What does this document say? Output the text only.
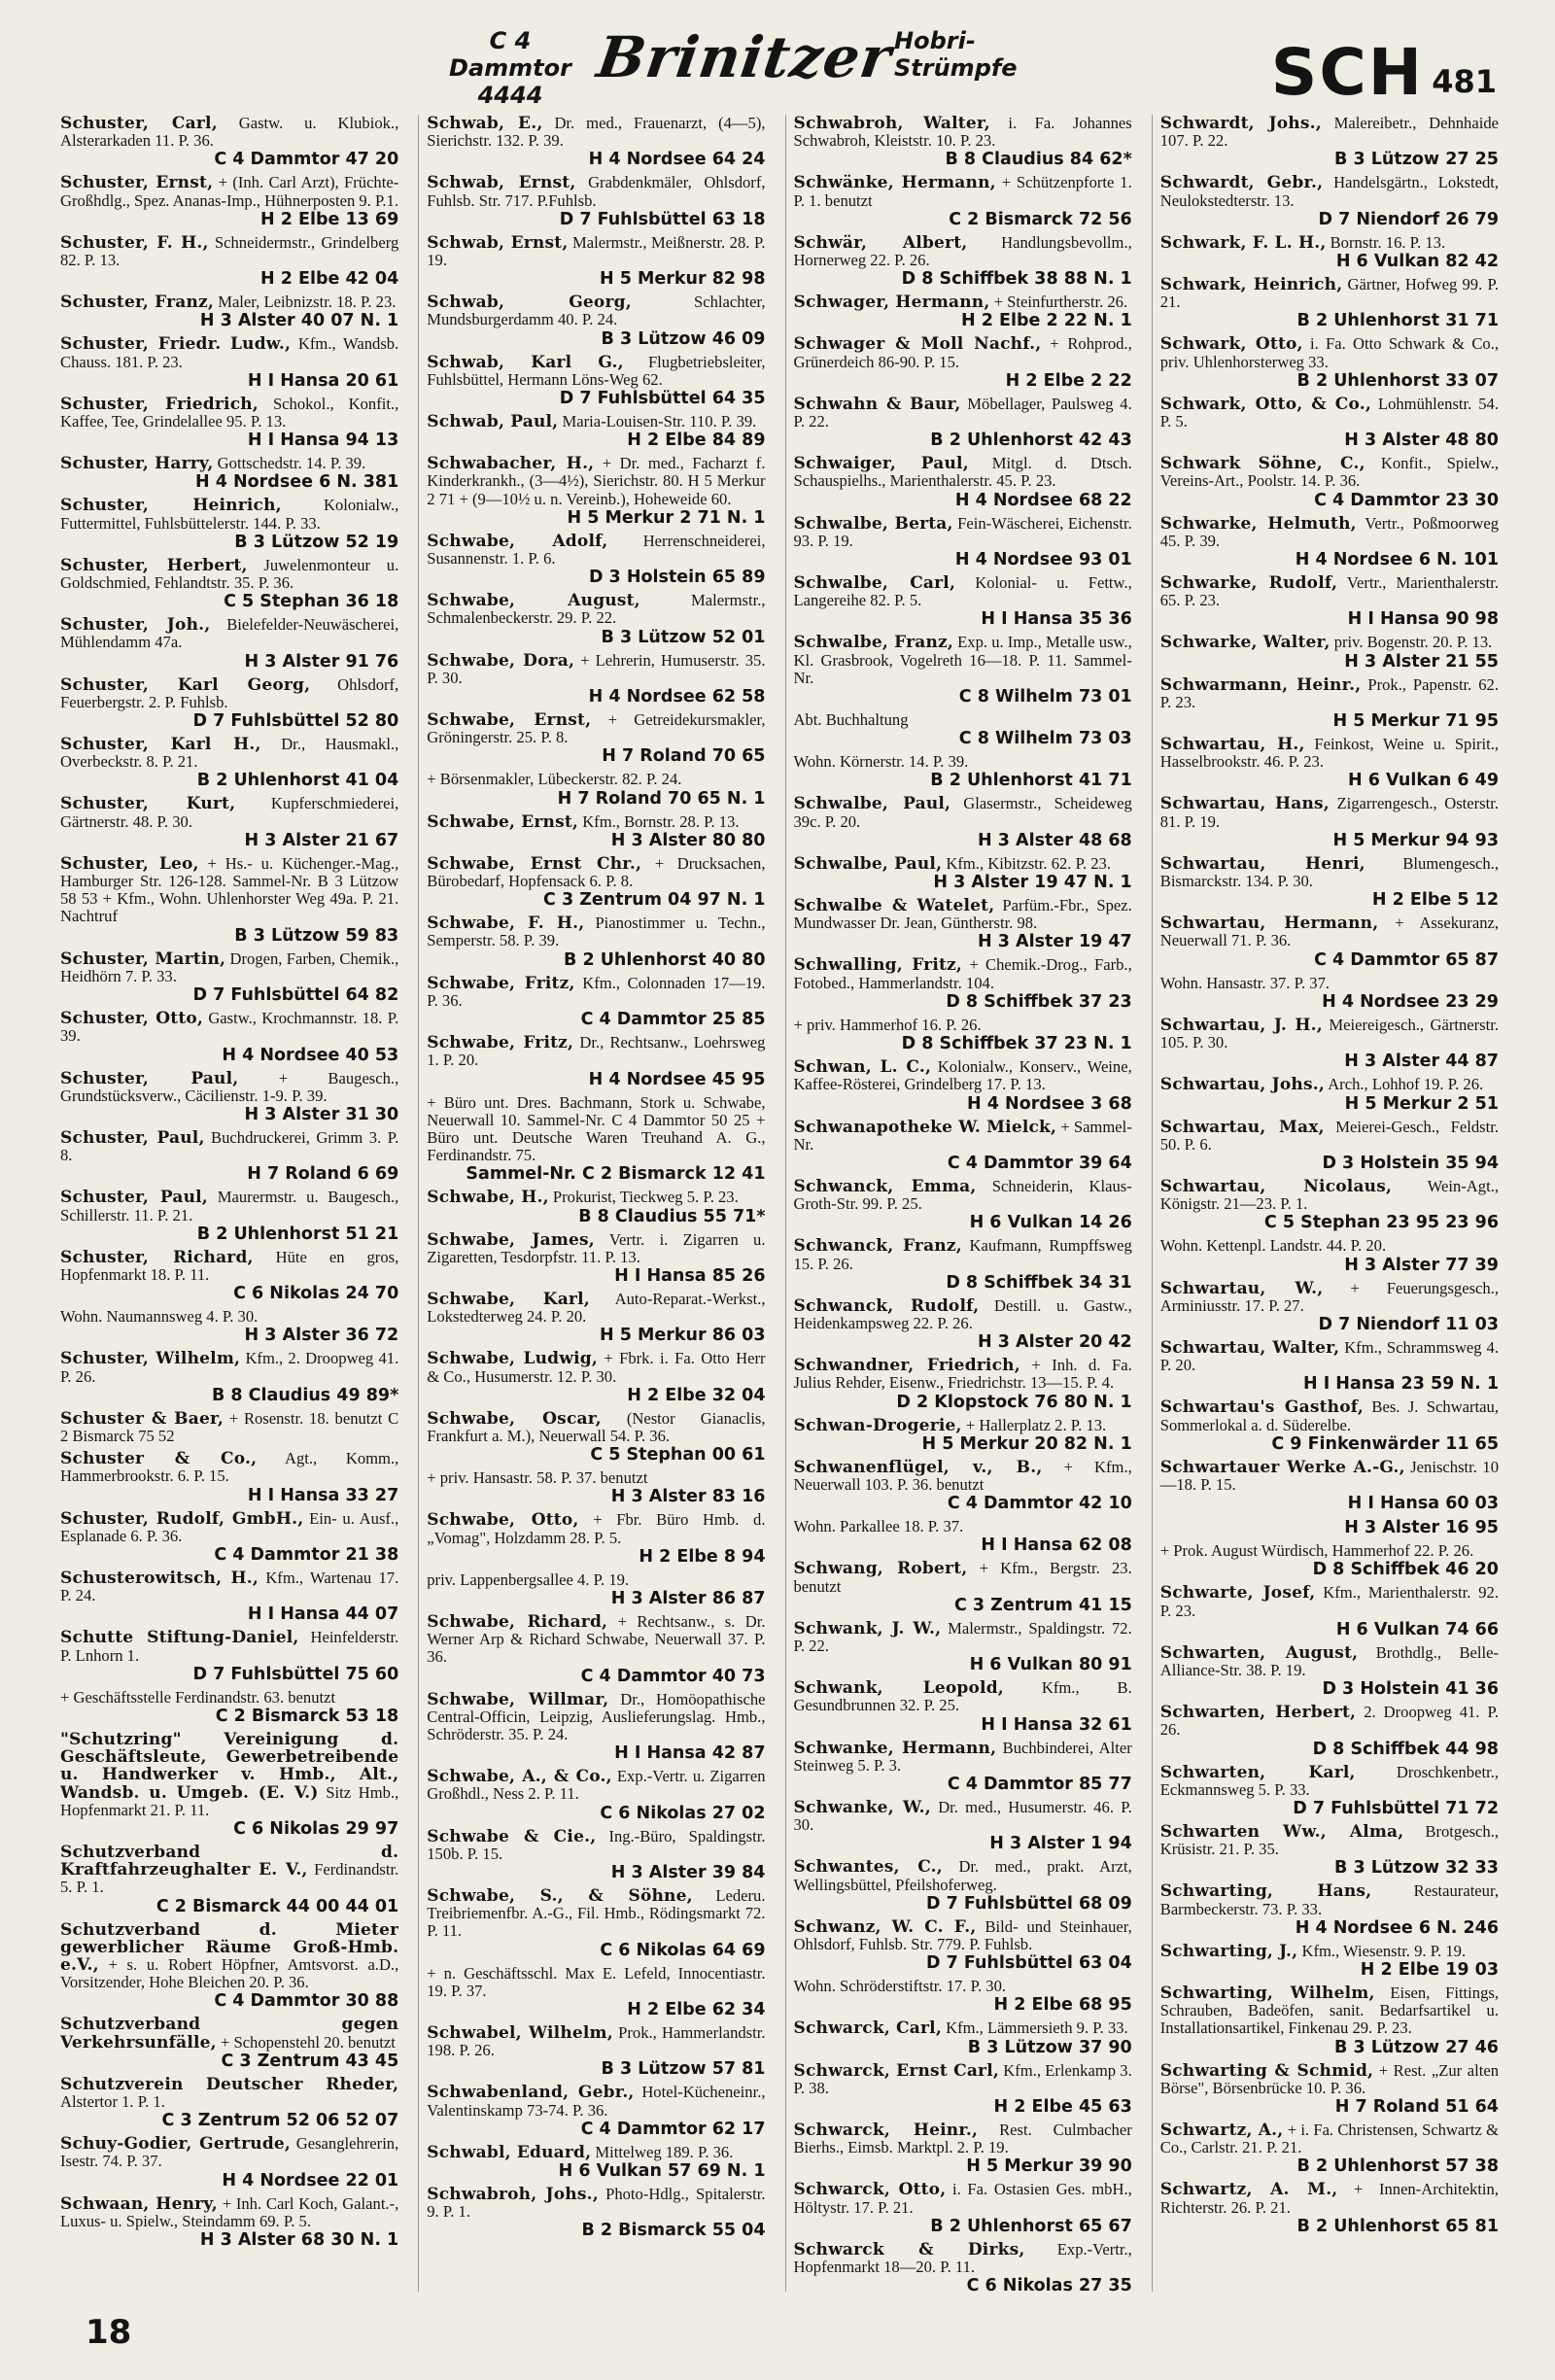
C 4 Dammtor 4444
Brinitzer
Hobri-Strümpfe	SCH 481
Schuster, Carl, Gastw. u. Klubiok., Alsterarkaden 11. P. 36.
C 4 Dammtor 47 20
Schuster, Ernst, + (Inh. Carl Arzt), Früchte-Großhdlg., Spez. Ananas-Imp., Hühnerposten 9. P.1.
H 2 Elbe 13 69
Schuster, F. H., Schneidermstr., Grindelberg 82. P. 13.
H 2 Elbe 42 04
Schuster, Franz, Maler, Leibnizstr. 18. P. 23.
H 3 Alster 40 07 N. 1
Schuster, Friedr. Ludw., Kfm., Wandsb. Chauss. 181. P. 23.
H I Hansa 20 61
Schuster, Friedrich, Schokol., Konfit., Kaffee, Tee, Grindelallee 95. P. 13.
H I Hansa 94 13
Schuster, Harry, Gottschedstr. 14. P. 39.
H 4 Nordsee 6 N. 381
Schuster, Heinrich,	Kolonialw., Futtermittel, Fuhlsbüttelerstr. 144. P. 33.
B 3 Lützow 52 19
Schuster, Herbert, Juwelenmonteur u. Goldschmied, Fehlandtstr. 35. P. 36.
C 5 Stephan 36 18
Schuster, Joh., Bielefelder-Neuwäscherei, Mühlendamm 47a.
H 3 Alster 91 76
Schuster, Karl Georg, Ohlsdorf, Feuerbergstr. 2. P. Fuhlsb.
D 7 Fuhlsbüttel 52 80
Schuster, Karl H., Dr., Hausmakl., Overbeckstr. 8. P. 21.
B 2 Uhlenhorst 41 04
Schuster, Kurt, Kupferschmiederei, Gärtnerstr. 48. P. 30.
H 3 Alster 21 67
Schuster, Leo, + Hs.- u. Küchenger.-Mag., Hamburger Str. 126-128. Sammel-Nr. B 3 Lützow 58 53 + Kfm., Wohn. Uhlenhorster Weg 49a. P. 21. Nachtruf
B 3 Lützow 59 83
Schuster, Martin, Drogen, Farben, Chemik., Heidhörn 7. P. 33.
D 7 Fuhlsbüttel 64 82
Schuster, Otto, Gastw., Krochmannstr. 18. P. 39.
H 4 Nordsee 40 53
Schuster, Paul, + Baugesch., Grundstücksverw., Cäcilienstr. 1-9. P. 39.
H 3 Alster 31 30
Schuster, Paul, Buchdruckerei, Grimm 3. P. 8.
H 7 Roland 6 69
Schuster, Paul, Maurermstr. u. Baugesch., Schillerstr. 11. P. 21.
B 2 Uhlenhorst 51 21
Schuster, Richard, Hüte en gros, Hopfenmarkt 18. P. 11.
C 6 Nikolas 24 70
Wohn. Naumannsweg 4. P. 30.
H 3 Alster 36 72
Schuster, Wilhelm, Kfm., 2. Droopweg 41. P. 26.
B 8 Claudius 49 89*
Schuster & Baer, + Rosenstr. 18. benutzt C 2 Bismarck 75 52
Schuster & Co., Agt., Komm., Hammerbrookstr. 6. P. 15.
H I Hansa 33 27
Schuster, Rudolf, GmbH., Ein- u. Ausf., Esplanade 6. P. 36.
C 4 Dammtor 21 38
Schusterowitsch, H., Kfm., Wartenau 17. P. 24.
H I Hansa 44 07
Schutte Stiftung-Daniel, Heinfelderstr. P. Lnhorn 1.
D 7 Fuhlsbüttel 75 60
+ Geschäftsstelle Ferdinandstr. 63. benutzt
C 2 Bismarck 53 18
"Schutzring" Vereinigung d. Geschäftsleute, Gewerbetreibende u. Handwerker v. Hmb., Alt., Wandsb. u. Umgeb. (E. V.) Sitz Hmb., Hopfenmarkt 21. P. 11.
C 6 Nikolas 29 97
Schutzverband d. Kraftfahrzeughalter E. V., Ferdinandstr. 5. P. 1.
C 2 Bismarck 44 00 44 01
Schutzverband d. Mieter gewerblicher Räume Groß-Hmb. e.V., + s. u. Robert Höpfner, Amtsvorst. a.D., Vorsitzender, Hohe Bleichen 20. P. 36.
C 4 Dammtor 30 88
Schutzverband gegen Verkehrsunfälle, + Schopenstehl 20. benutzt
C 3 Zentrum 43 45
Schutzverein Deutscher Rheder, Alstertor 1. P. 1.
C 3 Zentrum 52 06 52 07
Schuy-Godier, Gertrude, Gesanglehrerin, Isestr. 74. P. 37.
H 4 Nordsee 22 01
Schwaan, Henry, + Inh. Carl Koch, Galant.-, Luxus- u. Spielw., Steindamm 69. P. 5.
H 3 Alster 68 30 N. 1
Schwab, E., Dr. med., Frauenarzt, (4—5), Sierichstr. 132. P. 39.
H 4 Nordsee 64 24
Schwab, Ernst, Grabdenkmäler, Ohlsdorf, Fuhlsb. Str. 717. P.Fuhlsb.
D 7 Fuhlsbüttel 63 18
Schwab, Ernst, Malermstr., Meißnerstr. 28. P. 19.
H 5 Merkur 82 98
Schwab, Georg,	Schlachter, Mundsburgerdamm 40. P. 24.
B 3 Lützow 46 09
Schwab, Karl G., Flugbetriebsleiter, Fuhlsbüttel, Hermann Löns-Weg 62.
D 7 Fuhlsbüttel 64 35
Schwab, Paul, Maria-Louisen-Str. 110. P. 39.
H 2 Elbe 84 89
Schwabacher, H., + Dr. med., Facharzt f. Kinderkrankh., (3—4½), Sierichstr. 80. H 5 Merkur 2 71 + (9—10½ u. n. Vereinb.), Hoheweide 60.
H 5 Merkur 2 71 N. 1
Schwabe, Adolf, Herrenschneiderei, Susannenstr. 1. P. 6.
D 3 Holstein 65 89
Schwabe, August,	Malermstr., Schmalenbeckerstr. 29. P. 22.
B 3 Lützow 52 01
Schwabe, Dora, + Lehrerin, Humuserstr. 35. P. 30.
H 4 Nordsee 62 58
Schwabe, Ernst, + Getreidekursmakler, Gröningerstr. 25. P. 8.
H 7 Roland 70 65
+ Börsenmakler, Lübeckerstr. 82. P. 24.
H 7 Roland 70 65 N. 1
Schwabe, Ernst, Kfm., Bornstr. 28. P. 13.
H 3 Alster 80 80
Schwabe, Ernst Chr., + Drucksachen, Bürobedarf, Hopfensack 6. P. 8.
C 3 Zentrum 04 97 N. 1
Schwabe, F. H., Pianostimmer u. Techn., Semperstr. 58. P. 39.
B 2 Uhlenhorst 40 80
Schwabe, Fritz, Kfm., Colonnaden 17—19. P. 36.
C 4 Dammtor 25 85
Schwabe, Fritz, Dr., Rechtsanw., Loehrsweg 1. P. 20.
H 4 Nordsee 45 95
+ Büro unt. Dres. Bachmann, Stork u. Schwabe, Neuerwall 10. Sammel-Nr. C 4 Dammtor 50 25 + Büro unt. Deutsche Waren Treuhand A. G., Ferdinandstr. 75.
Sammel-Nr. C 2 Bismarck 12 41
Schwabe, H., Prokurist, Tieckweg 5. P. 23.
B 8 Claudius 55 71*
Schwabe, James, Vertr. i. Zigarren u. Zigaretten, Tesdorpfstr. 11. P. 13.
H I Hansa 85 26
Schwabe, Karl, Auto-Reparat.-Werkst., Lokstedterweg 24. P. 20.
H 5 Merkur 86 03
Schwabe, Ludwig, + Fbrk. i. Fa. Otto Herr & Co., Husumerstr. 12. P. 30.
H 2 Elbe 32 04
Schwabe, Oscar, (Nestor Gianaclis, Frankfurt a. M.), Neuerwall 54. P. 36.
C 5 Stephan 00 61
+ priv. Hansastr. 58. P. 37. benutzt
H 3 Alster 83 16
Schwabe, Otto, + Fbr. Büro Hmb. d. „Vomag", Holzdamm 28. P. 5.
H 2 Elbe 8 94
priv. Lappenbergsallee 4. P. 19.
H 3 Alster 86 87
Schwabe, Richard, + Rechtsanw., s. Dr. Werner Arp & Richard Schwabe, Neuerwall 37. P. 36.
C 4 Dammtor 40 73
Schwabe, Willmar, Dr., Homöopathische Central-Officin, Leipzig, Auslieferungslag. Hmb., Schröderstr. 35. P. 24.
H I Hansa 42 87
Schwabe, A., & Co., Exp.-Vertr. u. Zigarren Großhdl., Ness 2. P. 11.
C 6 Nikolas 27 02
Schwabe & Cie., Ing.-Büro, Spaldingstr. 150b. P. 15.
H 3 Alster 39 84
Schwabe, S., & Söhne, Lederu. Treibriemenfbr. A.-G., Fil. Hmb., Rödingsmarkt 72. P. 11.
C 6 Nikolas 64 69
+ n. Geschäftsschl. Max E. Lefeld, Innocentiastr. 19. P. 37.
H 2 Elbe 62 34
Schwabel, Wilhelm, Prok., Hammerlandstr. 198. P. 26.
B 3 Lützow 57 81
Schwabenland, Gebr., Hotel-Kücheneinr., Valentinskamp 73-74. P. 36.
C 4 Dammtor 62 17
Schwabl, Eduard, Mittelweg 189. P. 36.
H 6 Vulkan 57 69 N. 1
Schwabroh, Johs., Photo-Hdlg., Spitalerstr. 9. P. 1.
B 2 Bismarck 55 04
Schwabroh, Walter, i. Fa. Johannes Schwabroh, Kleiststr. 10. P. 23.
B 8 Claudius 84 62*
Schwänke, Hermann, + Schützenpforte 1. P. 1. benutzt
C 2 Bismarck 72 56
Schwär, Albert, Handlungsbevollm., Hornerweg 22. P. 26.
D 8 Schiffbek 38 88 N. 1
Schwager, Hermann, + Steinfurtherstr. 26.
H 2 Elbe 2 22 N. 1
Schwager & Moll Nachf., + Rohprod., Grünerdeich 86-90. P. 15.
H 2 Elbe 2 22
Schwahn & Baur, Möbellager, Paulsweg 4. P. 22.
B 2 Uhlenhorst 42 43
Schwaiger, Paul, Mitgl. d. Dtsch. Schauspielhs., Marienthalerstr. 45. P. 23.
H 4 Nordsee 68 22
Schwalbe, Berta, Fein-Wäscherei, Eichenstr. 93. P. 19.
H 4 Nordsee 93 01
Schwalbe, Carl, Kolonial- u. Fettw., Langereihe 82. P. 5.
H I Hansa 35 36
Schwalbe, Franz, Exp. u. Imp., Metalle usw., Kl. Grasbrook, Vogelreth 16—18. P. 11. Sammel-Nr.
C 8 Wilhelm 73 01
Abt. Buchhaltung
C 8 Wilhelm 73 03
Wohn. Körnerstr. 14. P. 39.
B 2 Uhlenhorst 41 71
Schwalbe, Paul, Glasermstr., Scheideweg 39c. P. 20.
H 3 Alster 48 68
Schwalbe, Paul, Kfm., Kibitzstr. 62. P. 23.
H 3 Alster 19 47 N. 1
Schwalbe & Watelet, Parfüm.-Fbr., Spez. Mundwasser Dr. Jean, Güntherstr. 98.
H 3 Alster 19 47
Schwalling, Fritz, + Chemik.-Drog., Farb., Fotobed., Hammerlandstr. 104.
D 8 Schiffbek 37 23
+ priv. Hammerhof 16. P. 26.
D 8 Schiffbek 37 23 N. 1
Schwan, L. C., Kolonialw., Konserv., Weine, Kaffee-Rösterei, Grindelberg 17. P. 13.
H 4 Nordsee 3 68
Schwanapotheke W. Mielck, + Sammel-Nr.
C 4 Dammtor 39 64
Schwanck, Emma, Schneiderin, Klaus-Groth-Str. 99. P. 25.
H 6 Vulkan 14 26
Schwanck, Franz, Kaufmann, Rumpffsweg 15. P. 26.
D 8 Schiffbek 34 31
Schwanck, Rudolf, Destill. u. Gastw., Heidenkampsweg 22. P. 26.
H 3 Alster 20 42
Schwandner, Friedrich, + Inh. d. Fa. Julius Rehder, Eisenw., Friedrichstr. 13—15. P. 4.
D 2 Klopstock 76 80 N. 1
Schwan-Drogerie, + Hallerplatz 2. P. 13.
H 5 Merkur 20 82 N. 1
Schwanenflügel, v., B., + Kfm., Neuerwall 103. P. 36. benutzt
C 4 Dammtor 42 10
Wohn. Parkallee 18. P. 37.
H I Hansa 62 08
Schwang, Robert, + Kfm., Bergstr. 23. benutzt
C 3 Zentrum 41 15
Schwank, J. W., Malermstr., Spaldingstr. 72. P. 22.
H 6 Vulkan 80 91
Schwank, Leopold, Kfm., B. Gesundbrunnen 32. P. 25.
H I Hansa 32 61
Schwanke, Hermann, Buchbinderei, Alter Steinweg 5. P. 3.
C 4 Dammtor 85 77
Schwanke, W., Dr. med., Husumerstr. 46. P. 30.
H 3 Alster 1 94
Schwantes, C., Dr. med., prakt. Arzt, Wellingsbüttel, Pfeilshoferweg.
D 7 Fuhlsbüttel 68 09
Schwanz, W. C. F., Bild- und Steinhauer, Ohlsdorf, Fuhlsb. Str. 779. P. Fuhlsb.
D 7 Fuhlsbüttel 63 04
Wohn. Schröderstiftstr. 17. P. 30.
H 2 Elbe 68 95
Schwarck, Carl, Kfm., Lämmersieth 9. P. 33.
B 3 Lützow 37 90
Schwarck, Ernst Carl, Kfm., Erlenkamp 3. P. 38.
H 2 Elbe 45 63
Schwarck, Heinr., Rest. Culmbacher Bierhs., Eimsb. Marktpl. 2. P. 19.
H 5 Merkur 39 90
Schwarck, Otto, i. Fa. Ostasien Ges. mbH., Höltystr. 17. P. 21.
B 2 Uhlenhorst 65 67
Schwarck & Dirks, Exp.-Vertr., Hopfenmarkt 18—20. P. 11.
C 6 Nikolas 27 35
Schwardt, Johs., Malereibetr., Dehnhaide 107. P. 22.
B 3 Lützow 27 25
Schwardt, Gebr., Handelsgärtn., Lokstedt, Neulokstedterstr. 13.
D 7 Niendorf 26 79
Schwark, F. L. H., Bornstr. 16. P. 13.
H 6 Vulkan 82 42
Schwark, Heinrich, Gärtner, Hofweg 99. P. 21.
B 2 Uhlenhorst 31 71
Schwark, Otto, i. Fa. Otto Schwark & Co., priv. Uhlenhorsterweg 33.
B 2 Uhlenhorst 33 07
Schwark, Otto, & Co., Lohmühlenstr. 54. P. 5.
H 3 Alster 48 80
Schwark Söhne, C., Konfit., Spielw., Vereins-Art., Poolstr. 14. P. 36.
C 4 Dammtor 23 30
Schwarke, Helmuth, Vertr., Poßmoorweg 45. P. 39.
H 4 Nordsee 6 N. 101
Schwarke, Rudolf, Vertr., Marienthalerstr. 65. P. 23.
H I Hansa 90 98
Schwarke, Walter, priv. Bogenstr. 20. P. 13.
H 3 Alster 21 55
Schwarmann, Heinr., Prok., Papenstr. 62. P. 23.
H 5 Merkur 71 95
Schwartau, H., Feinkost, Weine u. Spirit., Hasselbrookstr. 46. P. 23.
H 6 Vulkan 6 49
Schwartau, Hans, Zigarrengesch., Osterstr. 81. P. 19.
H 5 Merkur 94 93
Schwartau, Henri, Blumengesch., Bismarckstr. 134. P. 30.
H 2 Elbe 5 12
Schwartau, Hermann, + Assekuranz, Neuerwall 71. P. 36.
C 4 Dammtor 65 87
Wohn. Hansastr. 37. P. 37.
H 4 Nordsee 23 29
Schwartau, J. H., Meiereigesch., Gärtnerstr. 105. P. 30.
H 3 Alster 44 87
Schwartau, Johs., Arch., Lohhof 19. P. 26.
H 5 Merkur 2 51
Schwartau, Max, Meierei-Gesch., Feldstr. 50. P. 6.
D 3 Holstein 35 94
Schwartau, Nicolaus, Wein-Agt., Königstr. 21—23. P. 1.
C 5 Stephan 23 95 23 96
Wohn. Kettenpl. Landstr. 44. P. 20.
H 3 Alster 77 39
Schwartau, W., + Feuerungsgesch., Arminiusstr. 17. P. 27.
D 7 Niendorf 11 03
Schwartau, Walter, Kfm., Schrammsweg 4. P. 20.
H I Hansa 23 59 N. 1
Schwartau's Gasthof, Bes. J. Schwartau, Sommerlokal a. d. Süderelbe.
C 9 Finkenwärder 11 65
Schwartauer Werke A.-G., Jenischstr. 10—18. P. 15.
H I Hansa 60 03
H 3 Alster 16 95
+ Prok. August Würdisch, Hammerhof 22. P. 26.
D 8 Schiffbek 46 20
Schwarte, Josef, Kfm., Marienthalerstr. 92. P. 23.
H 6 Vulkan 74 66
Schwarten, August, Brothdlg., Belle-Alliance-Str. 38. P. 19.
D 3 Holstein 41 36
Schwarten, Herbert, 2. Droopweg 41. P. 26.
D 8 Schiffbek 44 98
Schwarten, Karl,	Droschkenbetr., Eckmannsweg 5. P. 33.
D 7 Fuhlsbüttel 71 72
Schwarten Ww., Alma, Brotgesch., Krüsistr. 21. P. 35.
B 3 Lützow 32 33
Schwarting, Hans,	Restaurateur, Barmbeckerstr. 73. P. 33.
H 4 Nordsee 6 N. 246
Schwarting, J., Kfm., Wiesenstr. 9. P. 19.
H 2 Elbe 19 03
Schwarting, Wilhelm, Eisen, Fittings, Schrauben, Badeöfen, sanit. Bedarfsartikel u. Installationsartikel, Finkenau 29. P. 23.
B 3 Lützow 27 46
Schwarting & Schmid, + Rest. „Zur alten Börse", Börsenbrücke 10. P. 36.
H 7 Roland 51 64
Schwartz, A., + i. Fa. Christensen, Schwartz & Co., Carlstr. 21. P. 21.
B 2 Uhlenhorst 57 38
Schwartz, A. M., + Innen-Architektin, Richterstr. 26. P. 21.
B 2 Uhlenhorst 65 81
18
